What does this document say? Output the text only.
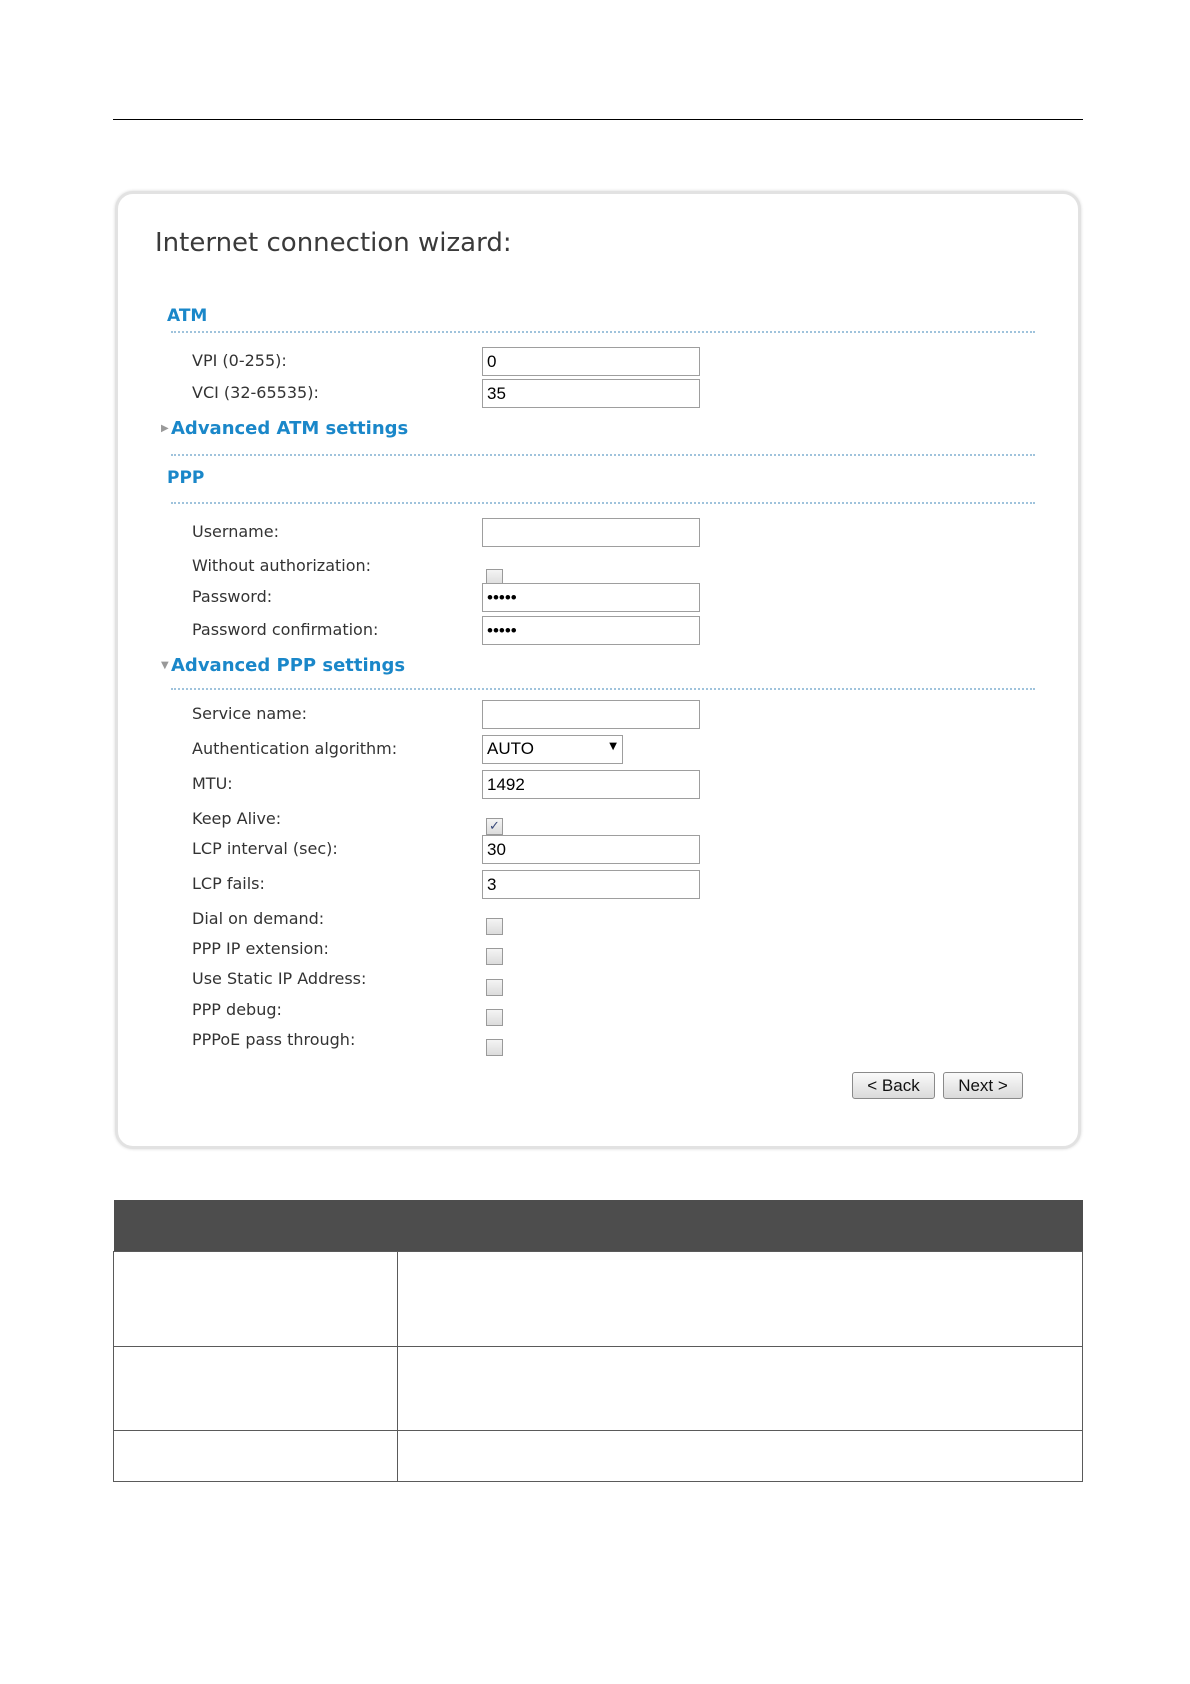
Internet connection wizard:
ATM
VPI (0-255):
0
VCI (32-65535):
35
▶ Advanced ATM settings
PPP
Username:
Without authorization:
Password:
•••••
Password confirmation:
•••••
▼ Advanced PPP settings
Service name:
Authentication algorithm:	AUTO	▼
MTU:
1492
Keep Alive:	✓
LCP interval (sec):
30
LCP fails:
3
Dial on demand:
PPP IP extension:
Use Static IP Address:
PPP debug:
PPPoE pass through:
< Back	Next >
